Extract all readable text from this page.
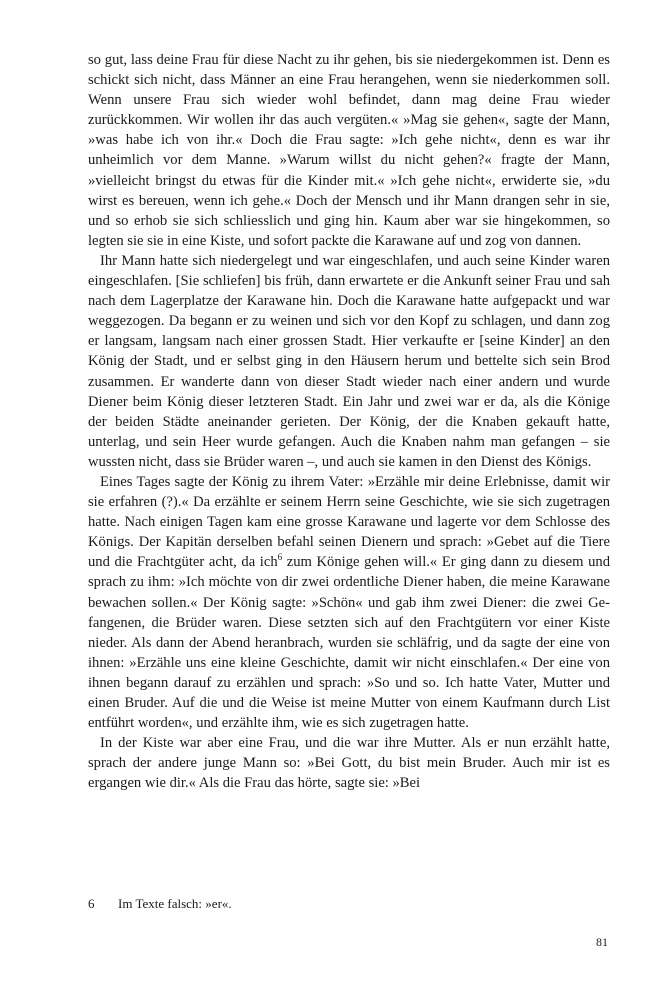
so gut, lass deine Frau für diese Nacht zu ihr gehen, bis sie niedergekommen ist. Denn es schickt sich nicht, dass Männer an eine Frau herangehen, wenn sie niederkommen soll. Wenn unsere Frau sich wieder wohl befindet, dann mag deine Frau wieder zurückkommen. Wir wollen ihr das auch vergüten.« »Mag sie gehen«, sagte der Mann, »was habe ich von ihr.« Doch die Frau sagte: »Ich gehe nicht«, denn es war ihr unheimlich vor dem Manne. »Warum willst du nicht gehen?« fragte der Mann, »vielleicht bringst du etwas für die Kinder mit.« »Ich gehe nicht«, erwiderte sie, »du wirst es bereuen, wenn ich gehe.« Doch der Mensch und ihr Mann drangen sehr in sie, und so erhob sie sich schliesslich und ging hin. Kaum aber war sie hingekommen, so legten sie sie in eine Kiste, und sofort packte die Karawane auf und zog von dannen.

Ihr Mann hatte sich niedergelegt und war eingeschlafen, und auch seine Kinder waren eingeschlafen. [Sie schliefen] bis früh, dann erwartete er die Ankunft seiner Frau und sah nach dem Lagerplatze der Karawane hin. Doch die Karawane hatte aufgepackt und war weggezogen. Da begann er zu weinen und sich vor den Kopf zu schlagen, und dann zog er langsam, langsam nach einer grossen Stadt. Hier verkaufte er [seine Kinder] an den König der Stadt, und er selbst ging in den Häusern herum und bettelte sich sein Brod zusammen. Er wanderte dann von dieser Stadt wieder nach einer andern und wurde Diener beim König dieser letzteren Stadt. Ein Jahr und zwei war er da, als die Könige der beiden Städte aneinander gerieten. Der König, der die Knaben gekauft hatte, unterlag, und sein Heer wurde gefangen. Auch die Knaben nahm man gefangen – sie wussten nicht, dass sie Brüder waren –, und auch sie kamen in den Dienst des Königs.

Eines Tages sagte der König zu ihrem Vater: »Erzähle mir deine Erlebnisse, damit wir sie erfahren (?).« Da erzählte er seinem Herrn seine Geschichte, wie sie sich zugetragen hatte. Nach einigen Tagen kam eine grosse Karawane und lagerte vor dem Schlosse des Königs. Der Kapitän derselben befahl seinen Dienern und sprach: »Gebet auf die Tiere und die Frachtgüter acht, da ich$^6$ zum Könige gehen will.« Er ging dann zu diesem und sprach zu ihm: »Ich möchte von dir zwei ordentliche Diener haben, die meine Karawane bewachen sollen.« Der König sagte: »Schön« und gab ihm zwei Diener: die zwei Gefangenen, die Brüder waren. Diese setzten sich auf den Frachtgütern vor einer Kiste nieder. Als dann der Abend heranbrach, wurden sie schläfrig, und da sagte der eine von ihnen: »Erzähle uns eine kleine Geschichte, damit wir nicht einschlafen.« Der eine von ihnen begann darauf zu erzählen und sprach: »So und so. Ich hatte Vater, Mutter und einen Bruder. Auf die und die Weise ist meine Mutter von einem Kaufmann durch List entführt worden«, und erzählte ihm, wie es sich zugetragen hatte.

In der Kiste war aber eine Frau, und die war ihre Mutter. Als er nun erzählt hatte, sprach der andere junge Mann so: »Bei Gott, du bist mein Bruder. Auch mir ist es ergangen wie dir.« Als die Frau das hörte, sagte sie: »Bei

6 Im Texte falsch: »er«.
81
